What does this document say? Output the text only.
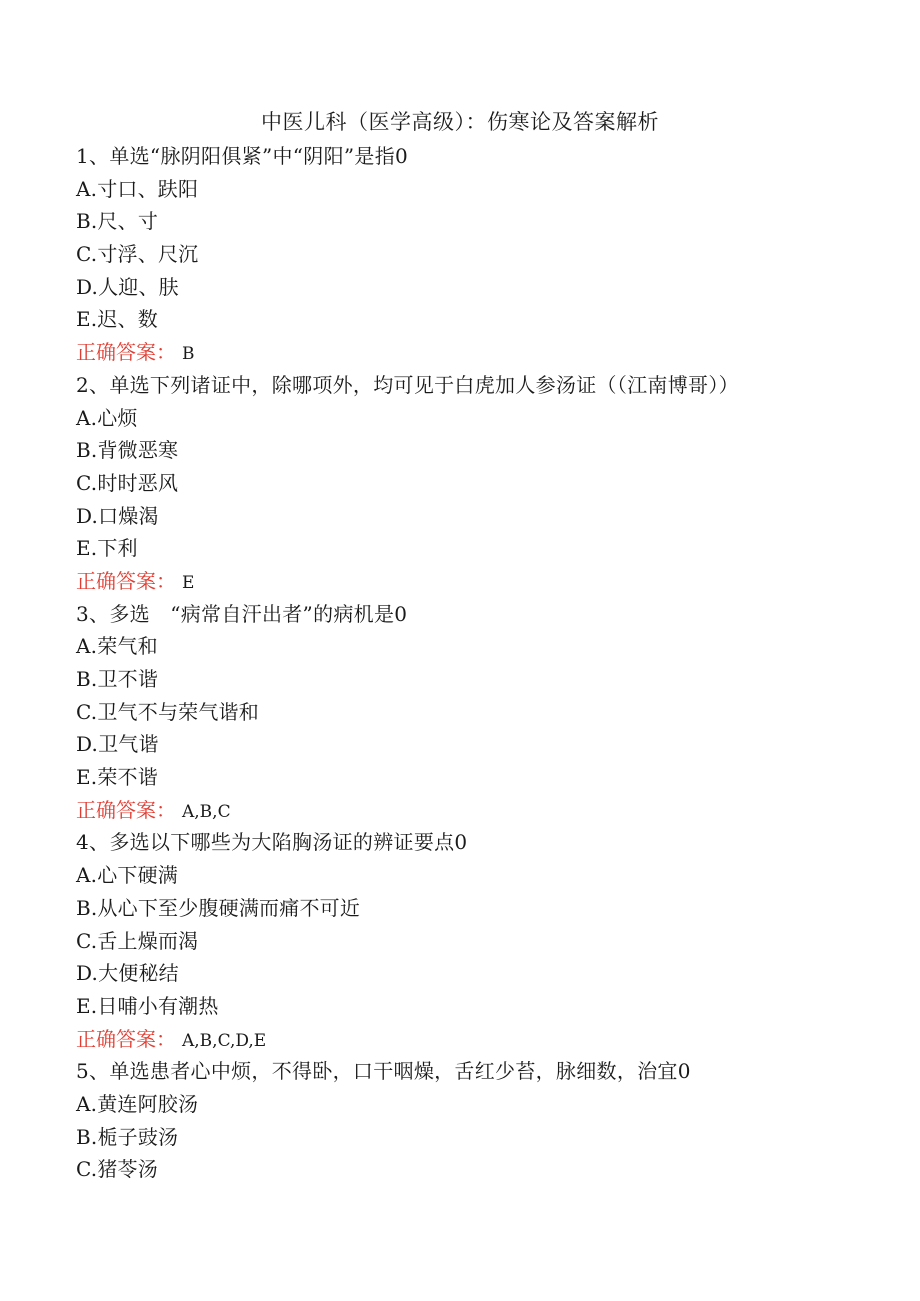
中医儿科（医学高级）：伤寒论及答案解析
1、单选“脉阴阳俱紧”中“阴阳”是指0
A.寸口、趺阳
B.尺、寸
C.寸浮、尺沉
D.人迎、肤
E.迟、数
正确答案： B
2、单选下列诸证中，除哪项外，均可见于白虎加人参汤证（（江南博哥））
A.心烦
B.背微恶寒
C.时时恶风
D.口燥渴
E.下利
正确答案： E
3、多选　“病常自汗出者”的病机是0
A.荣气和
B.卫不谐
C.卫气不与荣气谐和
D.卫气谐
E.荣不谐
正确答案： A,B,C
4、多选以下哪些为大陷胸汤证的辨证要点0
A.心下硬满
B.从心下至少腹硬满而痛不可近
C.舌上燥而渴
D.大便秘结
E.日哺小有潮热
正确答案： A,B,C,D,E
5、单选患者心中烦，不得卧，口干咽燥，舌红少苔，脉细数，治宜0
A.黄连阿胶汤
B.栀子豉汤
C.猪苓汤
